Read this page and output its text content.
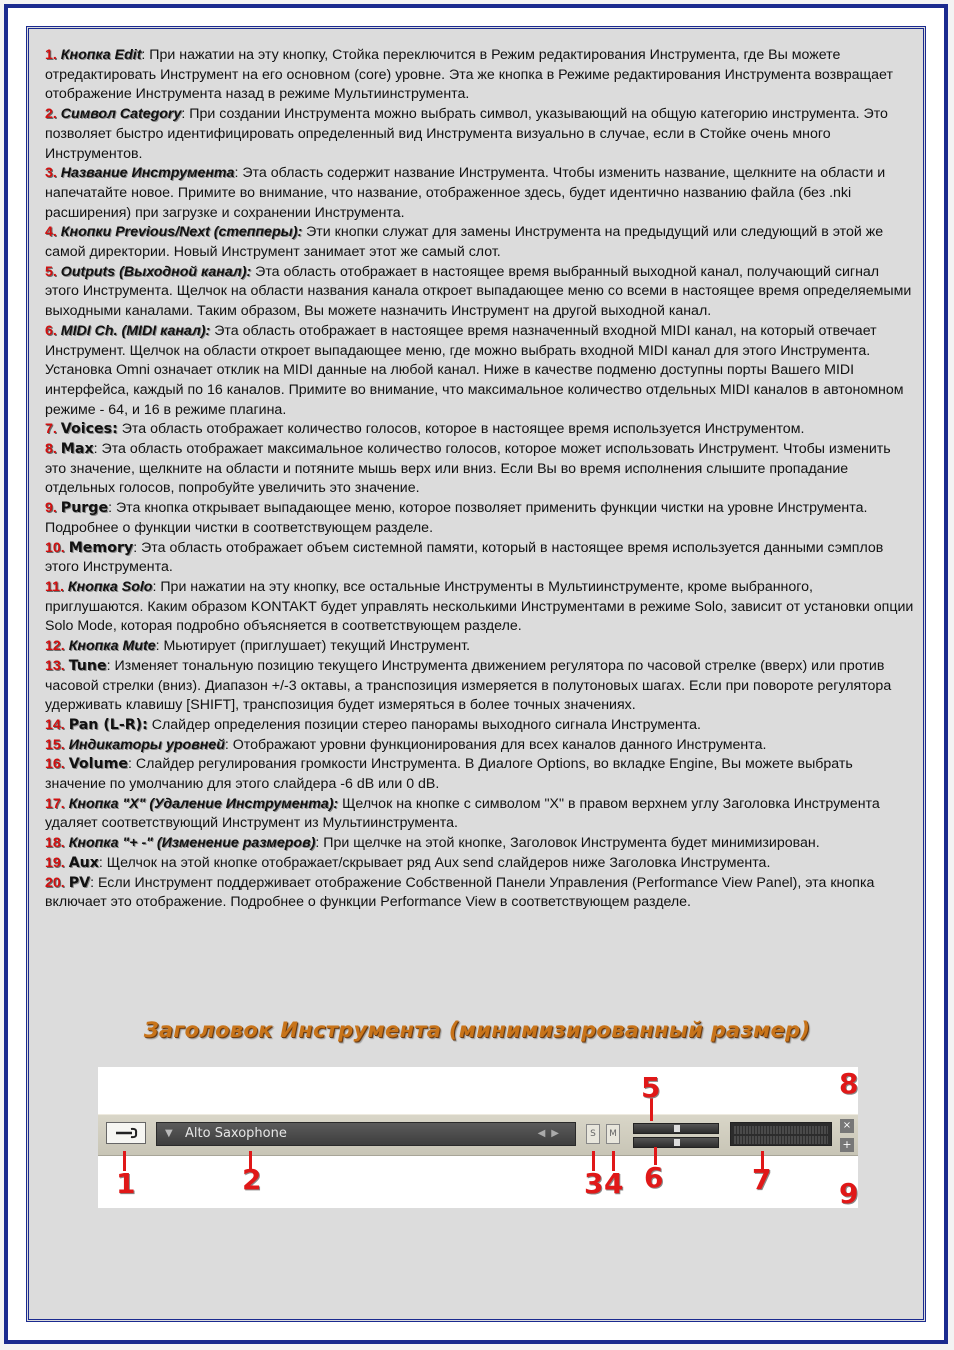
1. Кнопка Edit: При нажатии на эту кнопку, Стойка переключится в Режим редактирования Инструмента, где Вы можете отредактировать Инструмент на его основном (core) уровне. Эта же кнопка в Режиме редактирования Инструмента возвращает отображение Инструмента назад в режиме Мультиинструмента.

2. Символ Category: При создании Инструмента можно выбрать символ, указывающий на общую категорию инструмента. Это позволяет быстро идентифицировать определенный вид Инструмента визуально в случае, если в Стойке очень много Инструментов.

3. Название Инструмента: Эта область содержит название Инструмента. Чтобы изменить название, щелкните на области и напечатайте новое. Примите во внимание, что название, отображенное здесь, будет идентично названию файла (без .nki расширения) при загрузке и сохранении Инструмента.

4. Кнопки Previous/Next (степперы): Эти кнопки служат для замены Инструмента на предыдущий или следующий в этой же самой директории. Новый Инструмент занимает этот же самый слот.

5. Outputs (Выходной канал): Эта область отображает в настоящее время выбранный выходной канал, получающий сигнал этого Инструмента. Щелчок на области названия канала откроет выпадающее меню со всеми в настоящее время определяемыми выходными каналами. Таким образом, Вы можете назначить Инструмент на другой выходной канал.

6. MIDI Ch. (MIDI канал): Эта область отображает в настоящее время назначенный входной MIDI канал, на который отвечает Инструмент. Щелчок на области откроет выпадающее меню, где можно выбрать входной MIDI канал для этого Инструмента. Установка Omni означает отклик на MIDI данные на любой канал. Ниже в качестве подменю доступны порты Вашего MIDI интерфейса, каждый по 16 каналов. Примите во внимание, что максимальное количество отдельных MIDI каналов в автономном режиме - 64, и 16 в режиме плагина.

7. Voices: Эта область отображает количество голосов, которое в настоящее время используется Инструментом.

8. Max: Эта область отображает максимальное количество голосов, которое может использовать Инструмент. Чтобы изменить это значение, щелкните на области и потяните мышь верх или вниз. Если Вы во время исполнения слышите пропадание отдельных голосов, попробуйте увеличить это значение.

9. Purge: Эта кнопка открывает выпадающее меню, которое позволяет применить функции чистки на уровне Инструмента. Подробнее о функции чистки в соответствующем разделе.

10. Memory: Эта область отображает объем системной памяти, который в настоящее время используется данными сэмплов этого Инструмента.

11. Кнопка Solo: При нажатии на эту кнопку, все остальные Инструменты в Мультиинструменте, кроме выбранного, приглушаются. Каким образом KONTAKT будет управлять несколькими Инструментами в режиме Solo, зависит от установки опции Solo Mode, которая подробно объясняется в соответствующем разделе.

12. Кнопка Mute: Мьютирует (приглушает) текущий Инструмент.

13. Tune: Изменяет тональную позицию текущего Инструмента движением регулятора по часовой стрелке (вверх) или против часовой стрелки (вниз). Диапазон +/-3 октавы, а транспозиция измеряется в полутоновых шагах. Если при повороте регулятора удерживать клавишу [SHIFT], транспозиция будет измеряться в более точных значениях.

14. Pan (L-R): Слайдер определения позиции стерео панорамы выходного сигнала Инструмента.

15. Индикаторы уровней: Отображают уровни функционирования для всех каналов данного Инструмента.

16. Volume: Слайдер регулирования громкости Инструмента. В Диалоге Options, во вкладке Engine, Вы можете выбрать значение по умолчанию для этого слайдера -6 dB или 0 dB.

17. Кнопка "X" (Удаление Инструмента): Щелчок на кнопке с символом "X" в правом верхнем углу Заголовка Инструмента удаляет соответствующий Инструмент из Мультиинструмента.

18. Кнопка "+ -" (Изменение размеров): При щелчке на этой кнопке, Заголовок Инструмента будет минимизирован.

19. Aux: Щелчок на этой кнопке отображает/скрывает ряд Aux send слайдеров ниже Заголовка Инструмента.

20. PV: Если Инструмент поддерживает отображение Собственной Панели Управления (Performance View Panel), эта кнопка включает это отображение. Подробнее о функции Performance View в соответствующем разделе.

Заголовок Инструмента (минимизированный размер)
▼ Alto Saxophone	◀▶	S	M
×
+
1	2	3 4
5
6	7
8
9
